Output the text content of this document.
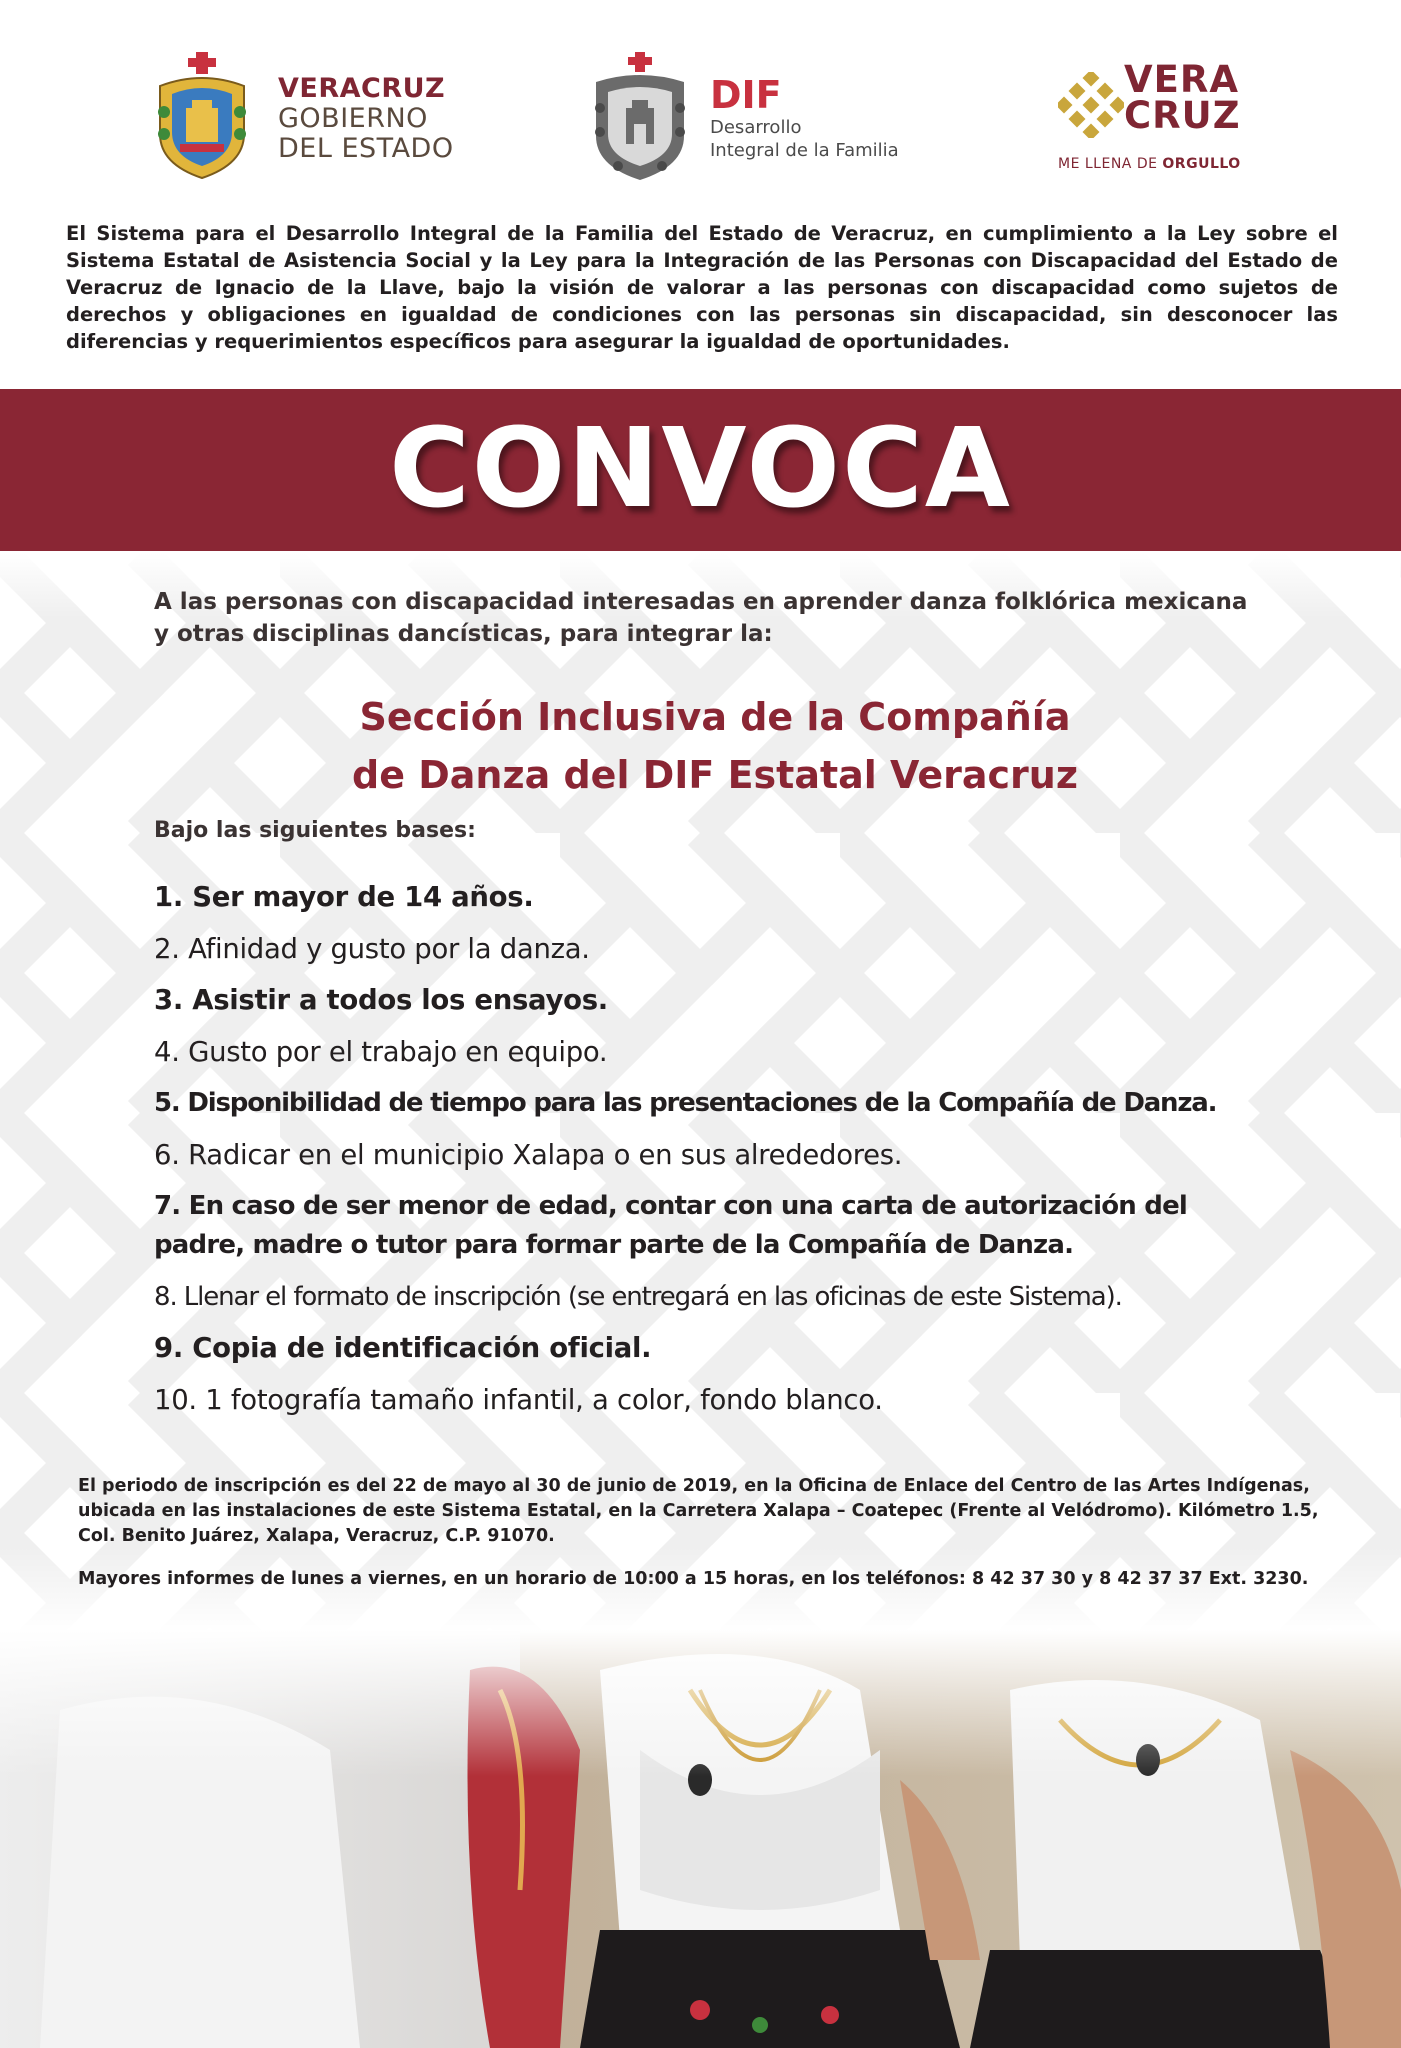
VERACRUZ
GOBIERNO
DEL ESTADO
DIF
Desarrollo
Integral de la Familia
VERA
CRUZ
ME LLENA DE ORGULLO
El Sistema para el Desarrollo Integral de la Familia del Estado de Veracruz, en cumplimiento a la Ley sobre el Sistema Estatal de Asistencia Social y la Ley para la Integración de las Personas con Discapacidad del Estado de Veracruz de Ignacio de la Llave, bajo la visión de valorar a las personas con discapacidad como sujetos de derechos y obligaciones en igualdad de condiciones con las personas sin discapacidad, sin desconocer las diferencias y requerimientos específicos para asegurar la igualdad de oportunidades.
CONVOCA
A las personas con discapacidad interesadas en aprender danza folklórica mexicana
y otras disciplinas dancísticas, para integrar la:
Sección Inclusiva de la Compañía
de Danza del DIF Estatal Veracruz
Bajo las siguientes bases:
1. Ser mayor de 14 años.
2. Afinidad y gusto por la danza.
3. Asistir a todos los ensayos.
4. Gusto por el trabajo en equipo.
5. Disponibilidad de tiempo para las presentaciones de la Compañía de Danza.
6. Radicar en el municipio Xalapa o en sus alrededores.
7. En caso de ser menor de edad, contar con una carta de autorización del
padre, madre o tutor para formar parte de la Compañía de Danza.
8. Llenar el formato de inscripción (se entregará en las oficinas de este Sistema).
9. Copia de identificación oficial.
10. 1 fotografía tamaño infantil, a color, fondo blanco.
El periodo de inscripción es del 22 de mayo al 30 de junio de 2019, en la Oficina de Enlace del Centro de las Artes Indígenas,
ubicada en las instalaciones de este Sistema Estatal, en la Carretera Xalapa – Coatepec (Frente al Velódromo). Kilómetro 1.5,
Col. Benito Juárez, Xalapa, Veracruz, C.P. 91070.
Mayores informes de lunes a viernes, en un horario de 10:00 a 15 horas, en los teléfonos: 8 42 37 30 y 8 42 37 37 Ext. 3230.
